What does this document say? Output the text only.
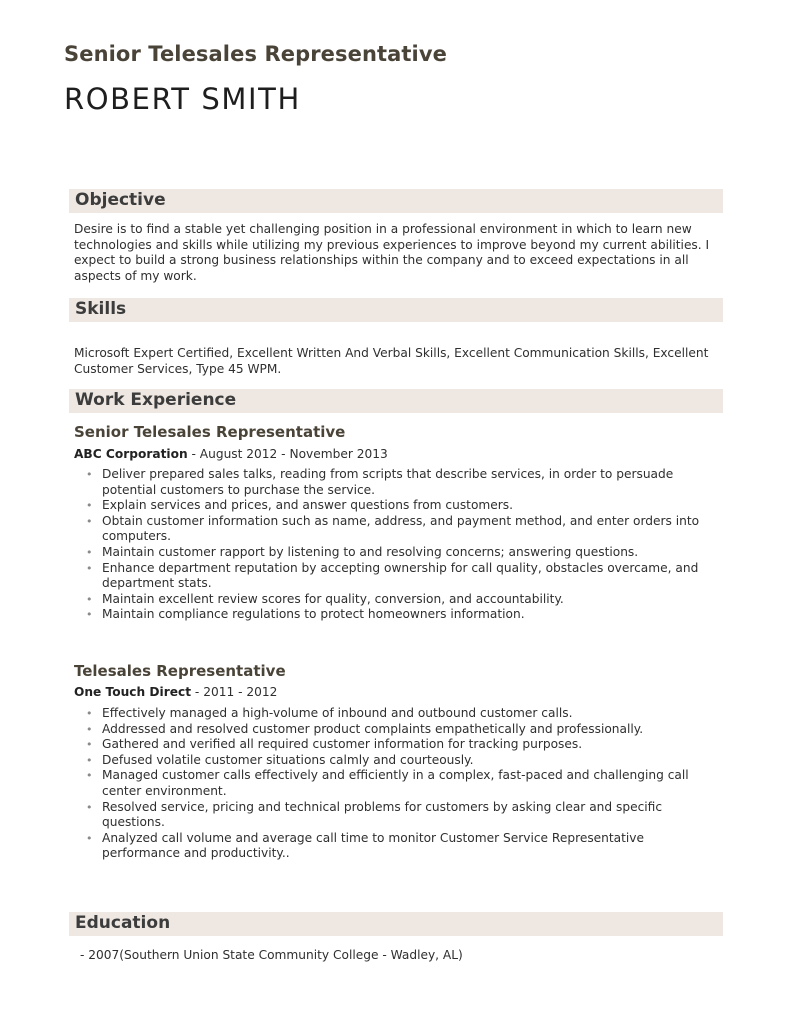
Senior Telesales Representative
ROBERT SMITH
Objective
Desire is to find a stable yet challenging position in a professional environment in which to learn new technologies and skills while utilizing my previous experiences to improve beyond my current abilities. I expect to build a strong business relationships within the company and to exceed expectations in all aspects of my work.
Skills
Microsoft Expert Certified, Excellent Written And Verbal Skills, Excellent Communication Skills, Excellent Customer Services, Type 45 WPM.
Work Experience
Senior Telesales Representative
ABC Corporation - August 2012 - November 2013
• Deliver prepared sales talks, reading from scripts that describe services, in order to persuade potential customers to purchase the service.
• Explain services and prices, and answer questions from customers.
• Obtain customer information such as name, address, and payment method, and enter orders into computers.
• Maintain customer rapport by listening to and resolving concerns; answering questions.
• Enhance department reputation by accepting ownership for call quality, obstacles overcame, and department stats.
• Maintain excellent review scores for quality, conversion, and accountability.
• Maintain compliance regulations to protect homeowners information.
Telesales Representative
One Touch Direct - 2011 - 2012
• Effectively managed a high-volume of inbound and outbound customer calls.
• Addressed and resolved customer product complaints empathetically and professionally.
• Gathered and verified all required customer information for tracking purposes.
• Defused volatile customer situations calmly and courteously.
• Managed customer calls effectively and efficiently in a complex, fast-paced and challenging call center environment.
• Resolved service, pricing and technical problems for customers by asking clear and specific questions.
• Analyzed call volume and average call time to monitor Customer Service Representative performance and productivity..
Education
- 2007(Southern Union State Community College - Wadley, AL)
